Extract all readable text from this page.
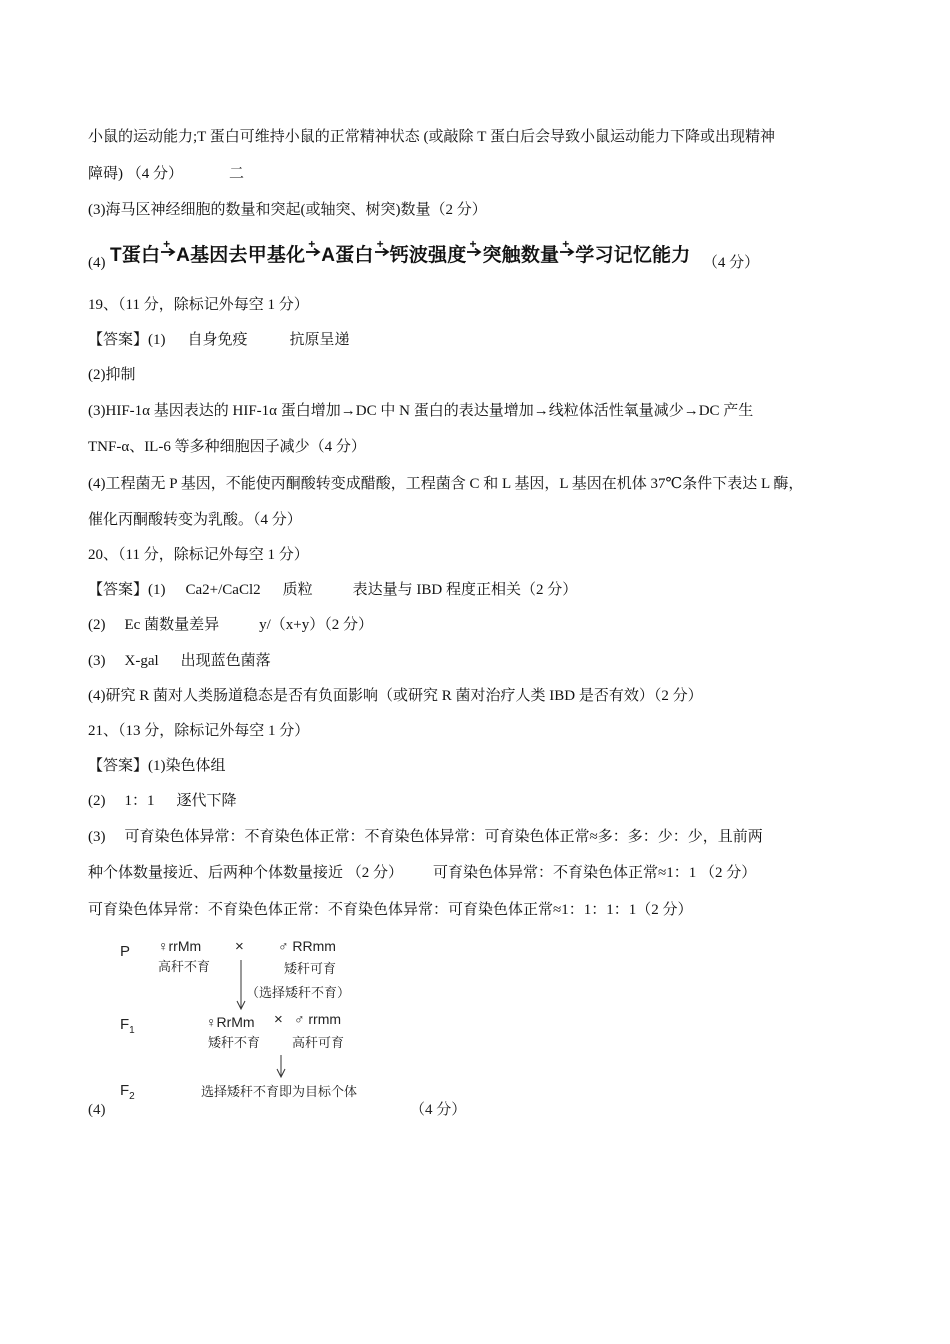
小鼠的运动能力;T 蛋白可维持小鼠的正常精神状态 (或敲除 T 蛋白后会导致小鼠运动能力下降或出现精神
障碍) （4 分）	二
(3)海马区神经细胞的数量和突起(或轴突、树突)数量（2 分）
(4) T蛋白
+
A基因去甲基化
+
A蛋白
+
钙波强度
+
突触数量
+
学习记忆能力 （4 分）
19、（11 分，除标记外每空 1 分）
【答案】(1) 自身免疫	抗原呈递
(2)抑制
(3)HIF-1α 基因表达的 HIF-1α 蛋白增加→DC 中 N 蛋白的表达量增加→线粒体活性氧量减少→DC 产生
TNF-α、IL-6 等多种细胞因子减少（4 分）
(4)工程菌无 P 基因，不能使丙酮酸转变成醋酸，工程菌含 C 和 L 基因，L 基因在机体 37℃条件下表达 L 酶，
催化丙酮酸转变为乳酸。（4 分）
20、（11 分，除标记外每空 1 分）
【答案】(1) Ca2+/CaCl2 质粒	表达量与 IBD 程度正相关（2 分）
(2) Ec 菌数量差异	y/（x+y）（2 分）
(3) X-gal 出现蓝色菌落
(4)研究 R 菌对人类肠道稳态是否有负面影响（或研究 R 菌对治疗人类 IBD 是否有效）（2 分）
21、（13 分，除标记外每空 1 分）
【答案】(1)染色体组
(2) 1：1 逐代下降
(3) 可育染色体异常：不育染色体正常：不育染色体异常：可育染色体正常≈多：多：少：少，且前两
种个体数量接近、后两种个体数量接近 （2 分） 可育染色体异常：不育染色体正常≈1：1 （2 分）
可育染色体异常：不育染色体正常：不育染色体异常：可育染色体正常≈1：1：1：1（2 分）
P ♀rrMm
高秆不育
× ♂ RRmm
矮秆可育
（选择矮秆不育）
$F_1$
♀RrMm × ♂ rrmm
矮秆不育 高秆可育
$F_2$	选择矮秆不育即为目标个体
(4)	（4 分）
